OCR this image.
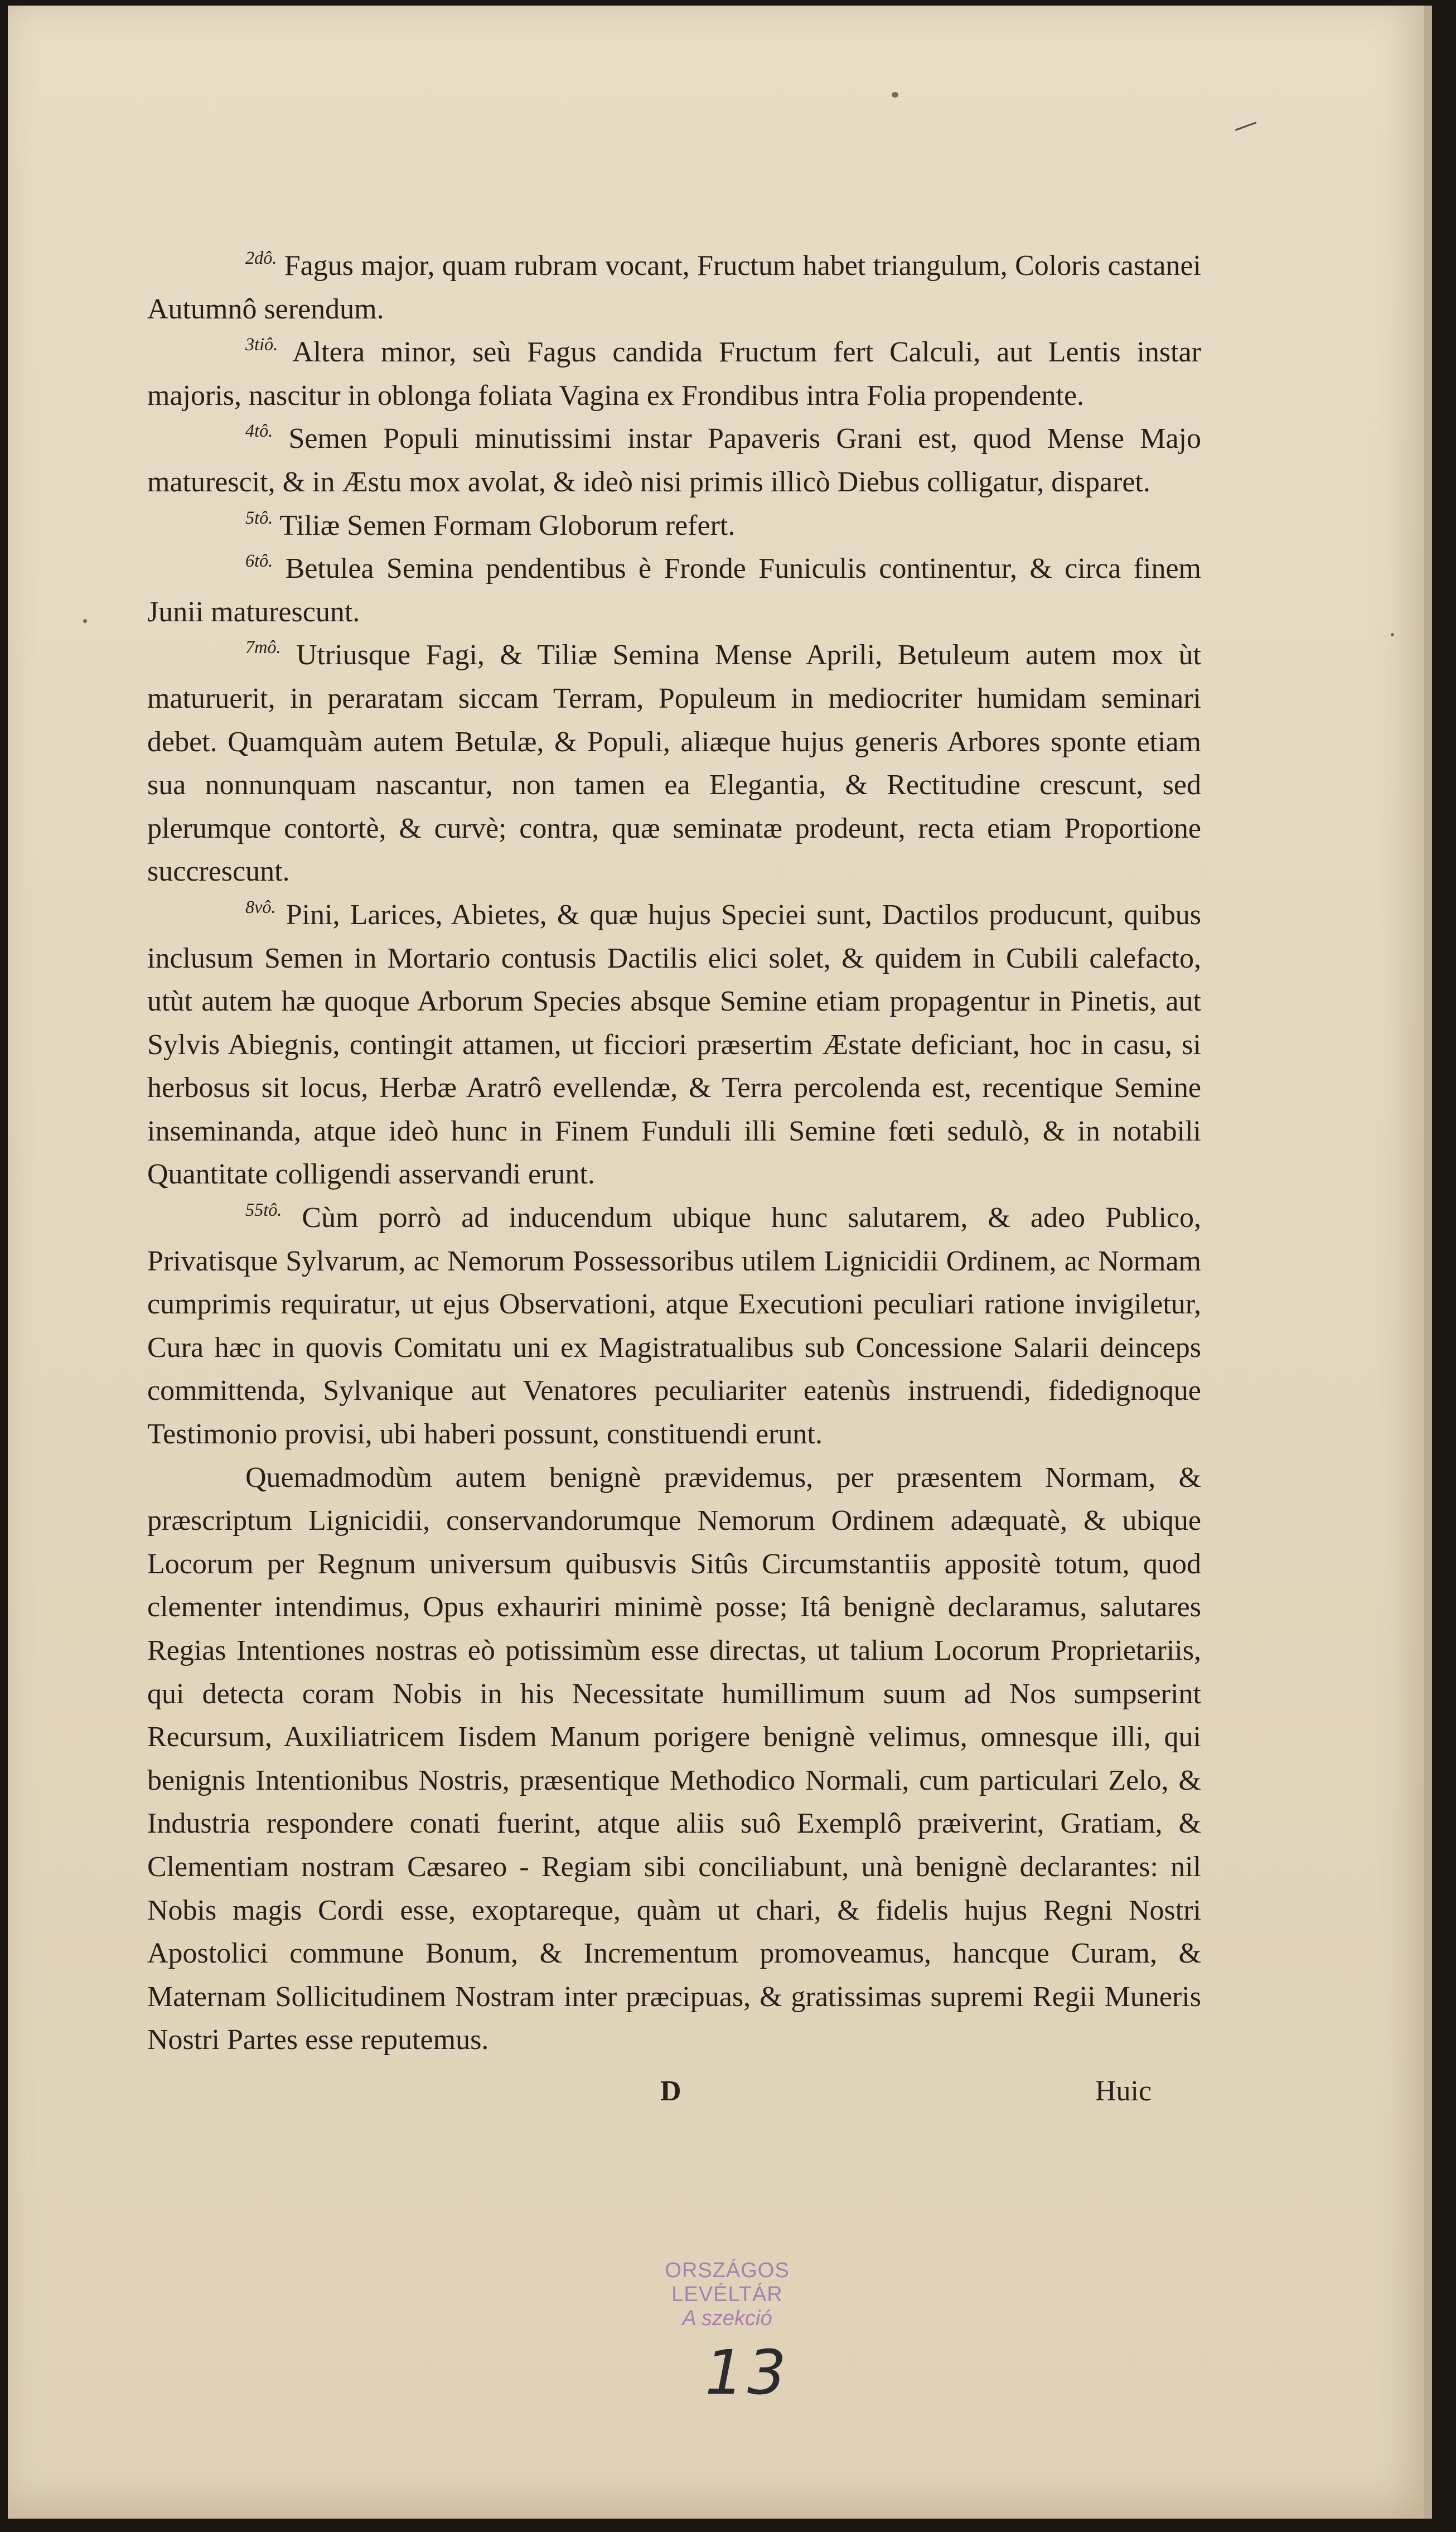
$^{2dô.}$ Fagus major, quam rubram vocant, Fructum habet triangulum, Coloris castanei Autumnô serendum.

$^{3tiô.}$ Altera minor, seù Fagus candida Fructum fert Calculi, aut Lentis instar majoris, nascitur in oblonga foliata Vagina ex Frondibus intra Folia propendente.

$^{4tô.}$ Semen Populi minutissimi instar Papaveris Grani est, quod Mense Majo maturescit, & in Æstu mox avolat, & ideò nisi primis illicò Diebus colligatur, disparet.

$^{5tô.}$ Tiliæ Semen Formam Globorum refert.

$^{6tô.}$ Betulea Semina pendentibus è Fronde Funiculis continentur, & circa finem Junii maturescunt.

$^{7mô.}$ Utriusque Fagi, & Tiliæ Semina Mense Aprili, Betuleum autem mox ùt maturuerit, in peraratam siccam Terram, Populeum in mediocriter humidam seminari debet. Quamquàm autem Betulæ, & Populi, aliæque hujus generis Arbores sponte etiam sua nonnunquam nascantur, non tamen ea Elegantia, & Rectitudine crescunt, sed plerumque contortè, & curvè; contra, quæ seminatæ prodeunt, recta etiam Proportione succrescunt.

$^{8vô.}$ Pini, Larices, Abietes, & quæ hujus Speciei sunt, Dactilos producunt, quibus inclusum Semen in Mortario contusis Dactilis elici solet, & quidem in Cubili calefacto, utùt autem hæ quoque Arborum Species absque Semine etiam propagentur in Pinetis, aut Sylvis Abiegnis, contingit attamen, ut ficciori præsertim Æstate deficiant, hoc in casu, si herbosus sit locus, Herbæ Aratrô evellendæ, & Terra percolenda est, recentique Semine inseminanda, atque ideò hunc in Finem Funduli illi Semine fœti sedulò, & in notabili Quantitate colligendi asservandi erunt.

$^{55tô.}$ Cùm porrò ad inducendum ubique hunc salutarem, & adeo Publico, Privatisque Sylvarum, ac Nemorum Possessoribus utilem Lignicidii Ordinem, ac Normam cumprimis requiratur, ut ejus Observationi, atque Executioni peculiari ratione invigiletur, Cura hæc in quovis Comitatu uni ex Magistratualibus sub Concessione Salarii deinceps committenda, Sylvanique aut Venatores peculiariter eatenùs instruendi, fidedignoque Testimonio provisi, ubi haberi possunt, constituendi erunt.

Quemadmodùm autem benignè prævidemus, per præsentem Normam, & præscriptum Lignicidii, conservandorumque Nemorum Ordinem adæquatè, & ubique Locorum per Regnum universum quibusvis Sitûs Circumstantiis appositè totum, quod clementer intendimus, Opus exhauriri minimè posse; Itâ benignè declaramus, salutares Regias Intentiones nostras eò potissimùm esse directas, ut talium Locorum Proprietariis, qui detecta coram Nobis in his Necessitate humillimum suum ad Nos sumpserint Recursum, Auxiliatricem Iisdem Manum porigere benignè velimus, omnesque illi, qui benignis Intentionibus Nostris, præsentique Methodico Normali, cum particulari Zelo, & Industria respondere conati fuerint, atque aliis suô Exemplô præiverint, Gratiam, & Clementiam nostram Cæsareo - Regiam sibi conciliabunt, unà benignè declarantes: nil Nobis magis Cordi esse, exoptareque, quàm ut chari, & fidelis hujus Regni Nostri Apostolici commune Bonum, & Incrementum promoveamus, hancque Curam, & Maternam Sollicitudinem Nostram inter præcipuas, & gratissimas supremi Regii Muneris Nostri Partes esse reputemus.

D	Huic
ORSZÁGOS LEVÉLTÁR
A szekció
13
